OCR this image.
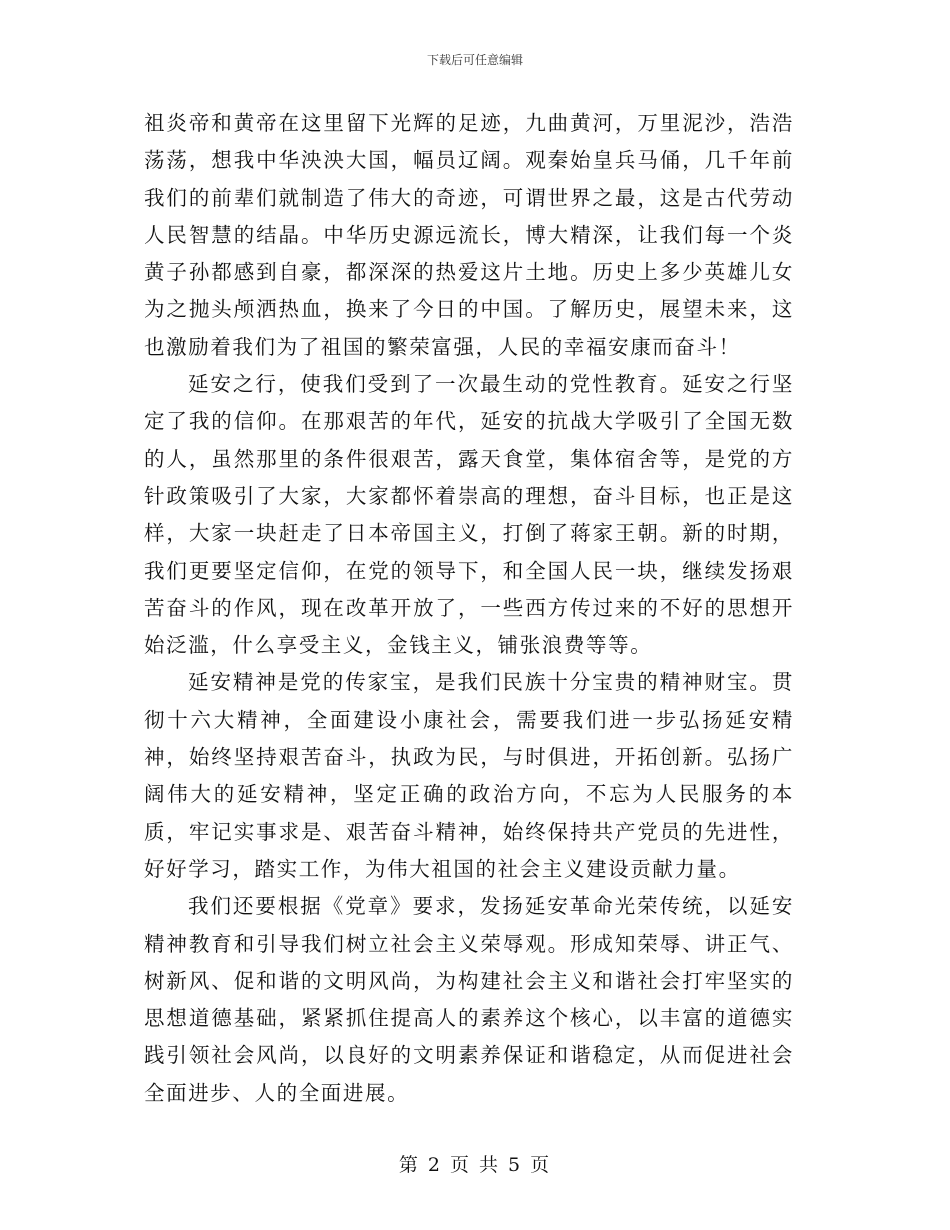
下载后可任意编辑

祖炎帝和黄帝在这里留下光辉的足迹，九曲黄河，万里泥沙，浩浩荡荡，想我中华泱泱大国，幅员辽阔。观秦始皇兵马俑，几千年前我们的前辈们就制造了伟大的奇迹，可谓世界之最，这是古代劳动人民智慧的结晶。中华历史源远流长，博大精深，让我们每一个炎黄子孙都感到自豪，都深深的热爱这片土地。历史上多少英雄儿女为之抛头颅洒热血，换来了今日的中国。了解历史，展望未来，这也激励着我们为了祖国的繁荣富强，人民的幸福安康而奋斗！

延安之行，使我们受到了一次最生动的党性教育。延安之行坚定了我的信仰。在那艰苦的年代，延安的抗战大学吸引了全国无数的人，虽然那里的条件很艰苦，露天食堂，集体宿舍等，是党的方针政策吸引了大家，大家都怀着崇高的理想，奋斗目标，也正是这样，大家一块赶走了日本帝国主义，打倒了蒋家王朝。新的时期，我们更要坚定信仰，在党的领导下，和全国人民一块，继续发扬艰苦奋斗的作风，现在改革开放了，一些西方传过来的不好的思想开始泛滥，什么享受主义，金钱主义，铺张浪费等等。

延安精神是党的传家宝，是我们民族十分宝贵的精神财宝。贯彻十六大精神，全面建设小康社会，需要我们进一步弘扬延安精神，始终坚持艰苦奋斗，执政为民，与时俱进，开拓创新。弘扬广阔伟大的延安精神，坚定正确的政治方向，不忘为人民服务的本质，牢记实事求是、艰苦奋斗精神，始终保持共产党员的先进性，好好学习，踏实工作，为伟大祖国的社会主义建设贡献力量。

我们还要根据《党章》要求，发扬延安革命光荣传统，以延安精神教育和引导我们树立社会主义荣辱观。形成知荣辱、讲正气、树新风、促和谐的文明风尚，为构建社会主义和谐社会打牢坚实的思想道德基础，紧紧抓住提高人的素养这个核心，以丰富的道德实践引领社会风尚，以良好的文明素养保证和谐稳定，从而促进社会全面进步、人的全面进展。

第 2 页 共 5 页
